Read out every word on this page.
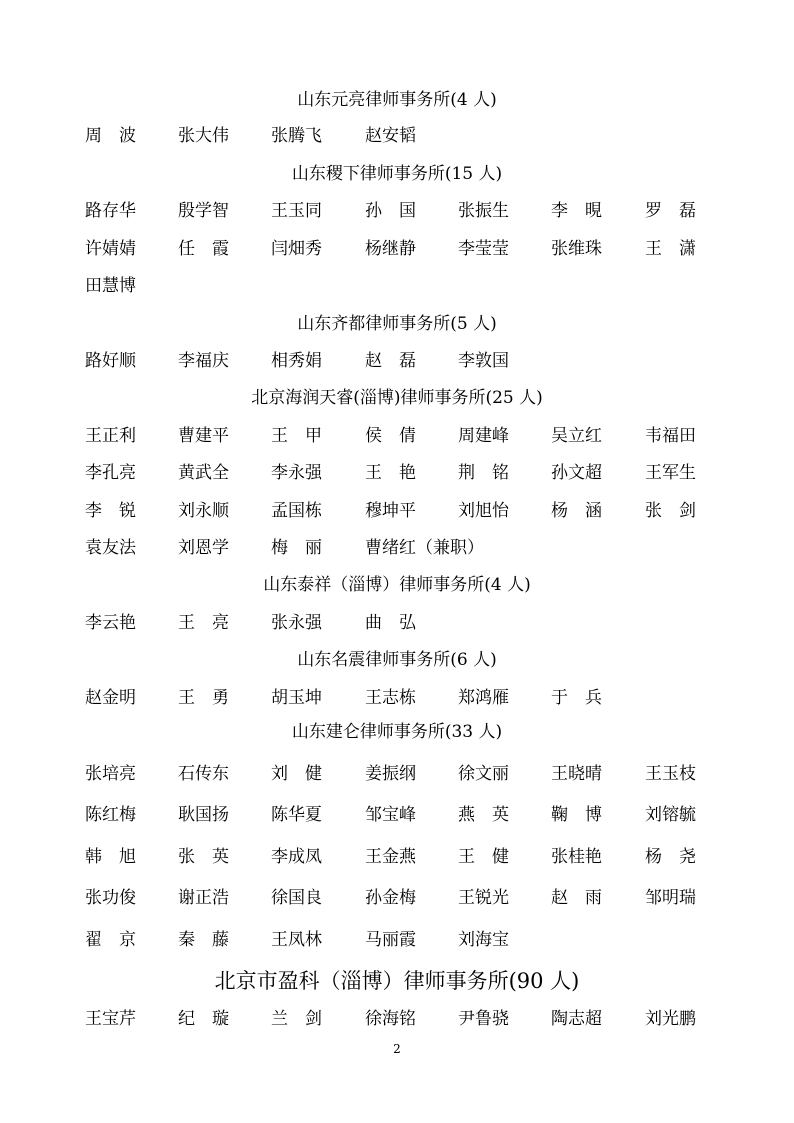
山东元亮律师事务所(4 人)
周　波 张大伟 张腾飞	赵安韬
山东稷下律师事务所(15 人)
路存华 殷学智 王玉同	孙　国 张振生 李　晛	罗　磊
许婧婧 任　霞 闫畑秀	杨继静 李莹莹 张维珠	王　潇
田慧博
山东齐都律师事务所(5 人)
路好顺 李福庆 相秀娟	赵　磊 李敦国
北京海润天睿(淄博)律师事务所(25 人)
王正利 曹建平 王　甲	侯　倩 周建峰 吴立红	韦福田
李孔亮 黄武全 李永强	王　艳 荆　铭 孙文超	王军生
李　锐 刘永顺 孟国栋	穆坤平 刘旭怡 杨　涵	张　剑
袁友法 刘恩学 梅　丽	曹绪红（兼职）
山东泰祥（淄博）律师事务所(4 人)
李云艳 王　亮 张永强	曲　弘
山东名震律师事务所(6 人)
赵金明 王　勇 胡玉坤	王志栋 郑鸿雁 于　兵
山东建仑律师事务所(33 人)
张培亮 石传东 刘　健	姜振纲 徐文丽 王晓晴	王玉枝
陈红梅 耿国扬 陈华夏	邹宝峰 燕　英 鞠　博	刘镕毓
韩　旭 张　英 李成凤	王金燕 王　健 张桂艳	杨　尧
张功俊 谢正浩 徐国良	孙金梅 王锐光 赵　雨	邹明瑞
翟　京 秦　藤 王凤林	马丽霞 刘海宝
北京市盈科（淄博）律师事务所(90 人)
王宝芹 纪　璇 兰　剑	徐海铭 尹鲁骁 陶志超	刘光鹏
2
